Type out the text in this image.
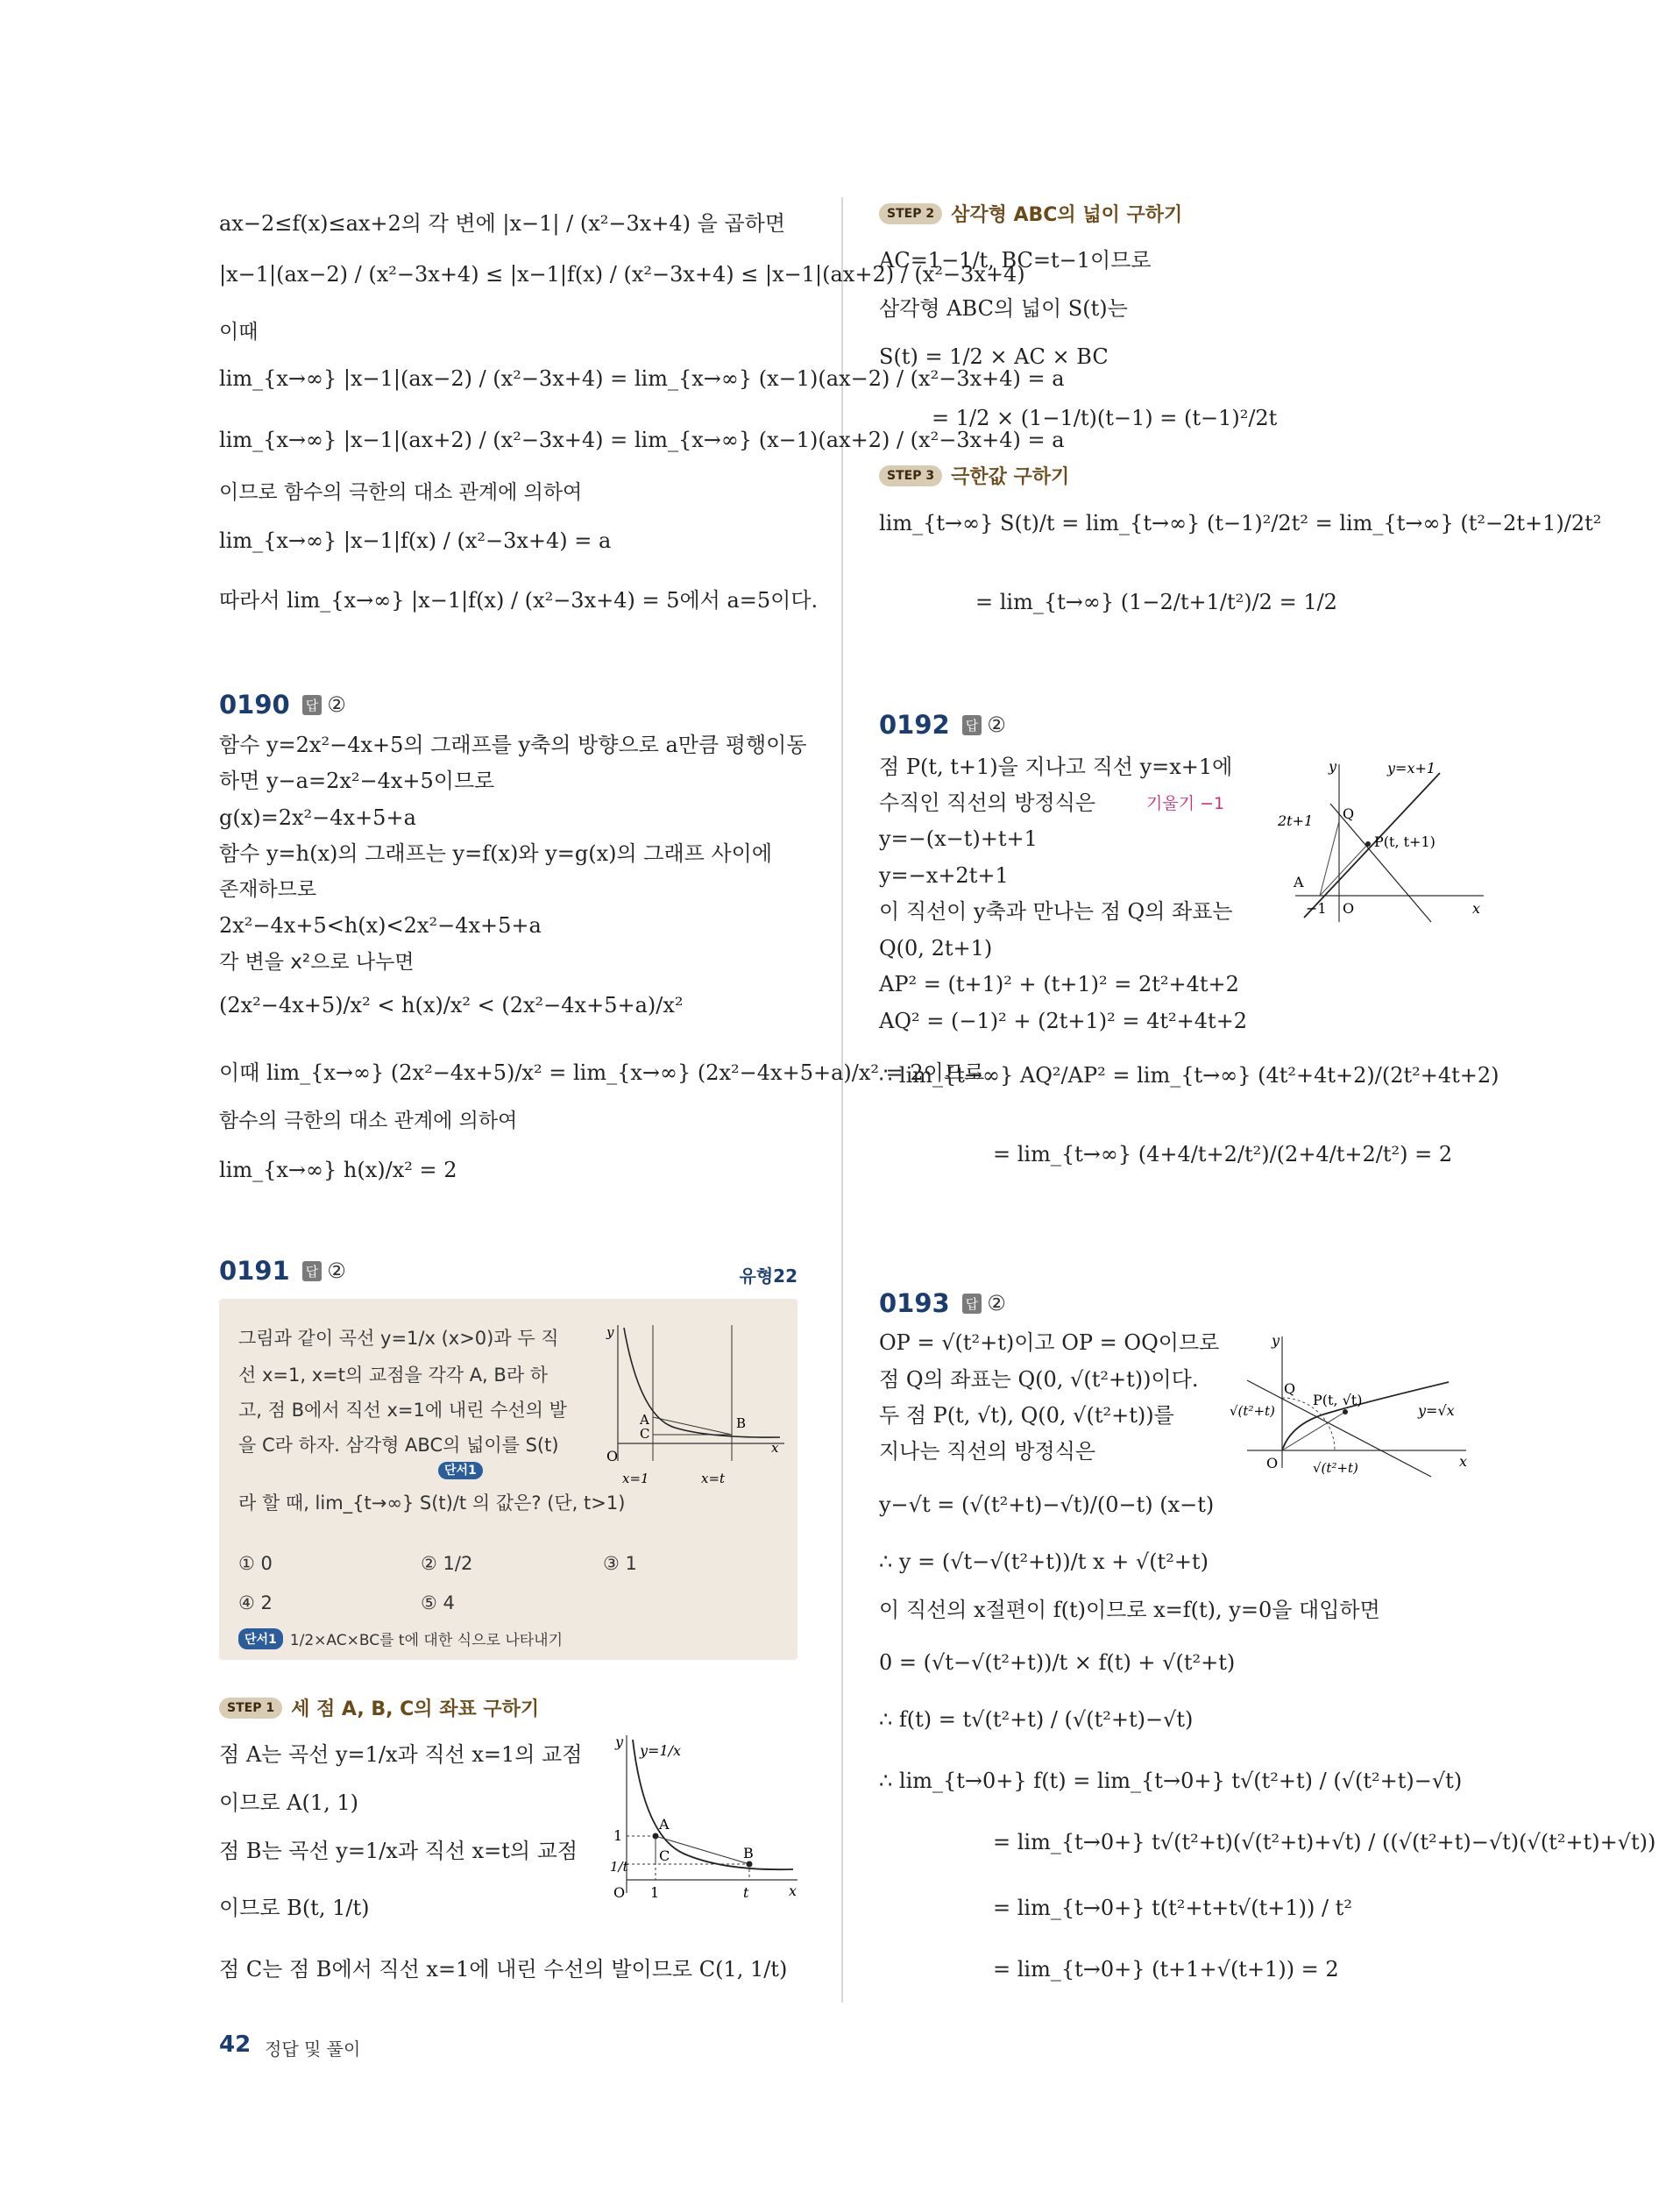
ax−2≤f(x)≤ax+2의 각 변에 |x−1| / (x²−3x+4) 을 곱하면
|x−1|(ax−2) / (x²−3x+4) ≤ |x−1|f(x) / (x²−3x+4) ≤ |x−1|(ax+2) / (x²−3x+4)
이때
lim_{x→∞} |x−1|(ax−2) / (x²−3x+4) = lim_{x→∞} (x−1)(ax−2) / (x²−3x+4) = a
lim_{x→∞} |x−1|(ax+2) / (x²−3x+4) = lim_{x→∞} (x−1)(ax+2) / (x²−3x+4) = a
이므로 함수의 극한의 대소 관계에 의하여
lim_{x→∞} |x−1|f(x) / (x²−3x+4) = a
따라서 lim_{x→∞} |x−1|f(x) / (x²−3x+4) = 5에서 a=5이다.
0190 답 ②
함수 y=2x²−4x+5의 그래프를 y축의 방향으로 a만큼 평행이동
하면 y−a=2x²−4x+5이므로
g(x)=2x²−4x+5+a
함수 y=h(x)의 그래프는 y=f(x)와 y=g(x)의 그래프 사이에
존재하므로
2x²−4x+5<h(x)<2x²−4x+5+a
각 변을 x²으로 나누면
(2x²−4x+5)/x² < h(x)/x² < (2x²−4x+5+a)/x²
이때 lim_{x→∞} (2x²−4x+5)/x² = lim_{x→∞} (2x²−4x+5+a)/x² = 2이므로
함수의 극한의 대소 관계에 의하여
lim_{x→∞} h(x)/x² = 2
0191 답 ②	유형22
그림과 같이 곡선 y=1/x (x>0)과 두 직
선 x=1, x=t의 교점을 각각 A, B라 하
고, 점 B에서 직선 x=1에 내린 수선의 발
을 C라 하자. 삼각형 ABC의 넓이를 S(t)
단서1
라 할 때, lim_{t→∞} S(t)/t 의 값은? (단, t>1)
O
x=1	x=t
A
C
B
x
y
① 0	② 1/2	③ 1
④ 2	⑤ 4
단서1 1/2×AC×BC를 t에 대한 식으로 나타내기
STEP 1 세 점 A, B, C의 좌표 구하기
점 A는 곡선 y=1/x과 직선 x=1의 교점
이므로 A(1, 1)
점 B는 곡선 y=1/x과 직선 x=t의 교점
이므로 B(t, 1/t)
점 C는 점 B에서 직선 x=1에 내린 수선의 발이므로 C(1, 1/t)
O 1	t	x
y
y=1/x
1
1/t
A
C	B
STEP 2 삼각형 ABC의 넓이 구하기
AC=1−1/t, BC=t−1이므로
삼각형 ABC의 넓이 S(t)는
S(t) = 1/2 × AC × BC
= 1/2 × (1−1/t)(t−1) = (t−1)²/2t
STEP 3 극한값 구하기
lim_{t→∞} S(t)/t = lim_{t→∞} (t−1)²/2t² = lim_{t→∞} (t²−2t+1)/2t²
= lim_{t→∞} (1−2/t+1/t²)/2 = 1/2
0192 답 ②
점 P(t, t+1)을 지나고 직선 y=x+1에
수직인 직선의 방정식은	기울기 −1
y=−(x−t)+t+1
y=−x+2t+1
이 직선이 y축과 만나는 점 Q의 좌표는
Q(0, 2t+1)
AP² = (t+1)² + (t+1)² = 2t²+4t+2
AQ² = (−1)² + (2t+1)² = 4t²+4t+2
∴ lim_{t→∞} AQ²/AP² = lim_{t→∞} (4t²+4t+2)/(2t²+4t+2)
= lim_{t→∞} (4+4/t+2/t²)/(2+4/t+2/t²) = 2
y	y=x+1
2t+1 Q
P(t, t+1)
A
−1 O	x
0193 답 ②
OP = √(t²+t)이고 OP = OQ이므로
점 Q의 좌표는 Q(0, √(t²+t))이다.
두 점 P(t, √t), Q(0, √(t²+t))를
지나는 직선의 방정식은
y−√t = (√(t²+t)−√t)/(0−t) (x−t)
∴ y = (√t−√(t²+t))/t x + √(t²+t)
이 직선의 x절편이 f(t)이므로 x=f(t), y=0을 대입하면
0 = (√t−√(t²+t))/t × f(t) + √(t²+t)
∴ f(t) = t√(t²+t) / (√(t²+t)−√t)
∴ lim_{t→0+} f(t) = lim_{t→0+} t√(t²+t) / (√(t²+t)−√t)
= lim_{t→0+} t√(t²+t)(√(t²+t)+√t) / ((√(t²+t)−√t)(√(t²+t)+√t))
= lim_{t→0+} t(t²+t+t√(t+1)) / t²
= lim_{t→0+} (t+1+√(t+1)) = 2
y
Q
√(t²+t)
P(t, √t)
y=√x
O	√(t²+t)	x
42 정답 및 풀이
